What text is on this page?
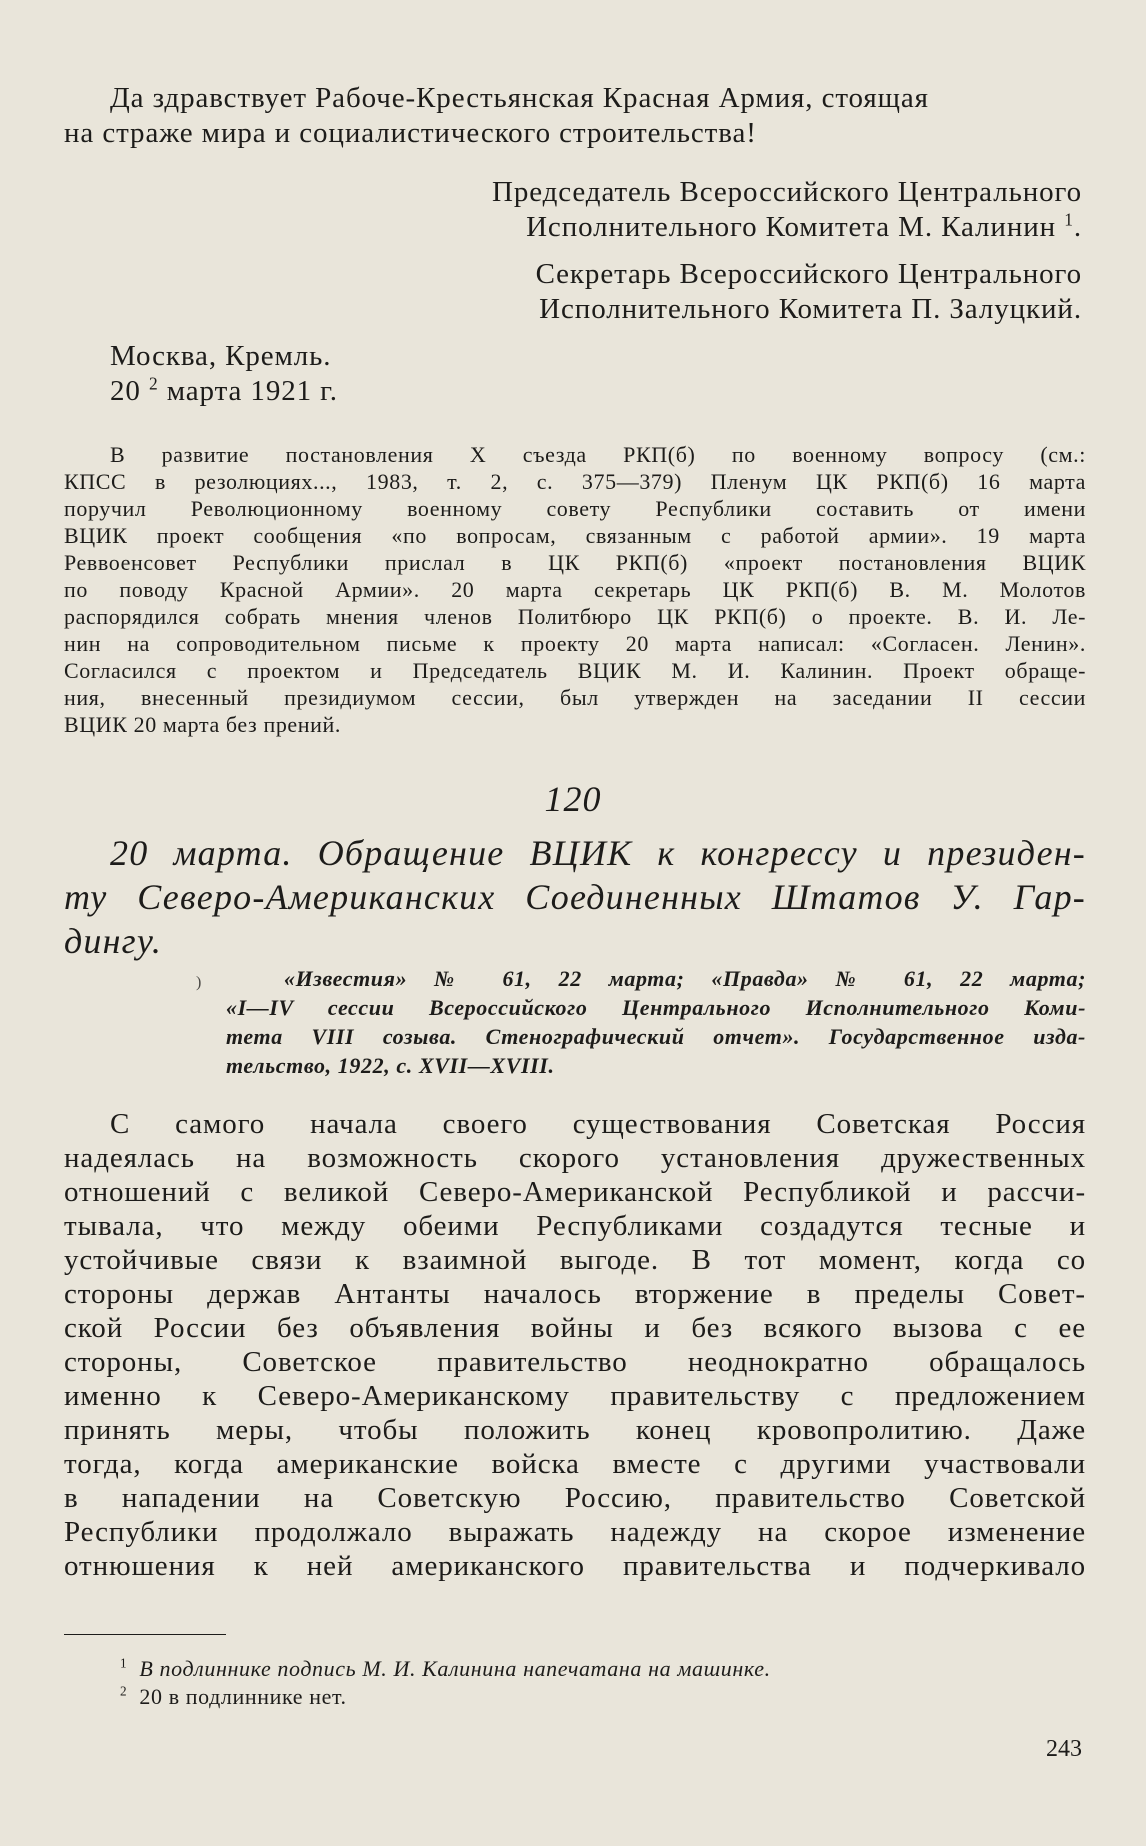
Да здравствует Рабоче-Крестьянская Красная Армия, стоящая

на страже мира и социалистического строительства!

Председатель Всероссийского Центрального

Исполнительного Комитета М. Калинин $^1$.

Секретарь Всероссийского Центрального

Исполнительного Комитета П. Залуцкий.

Москва, Кремль.

20 $^2$ марта 1921 г.

В развитие постановления X съезда РКП(б) по военному вопросу (см.:

КПСС в резолюциях..., 1983, т. 2, с. 375—379) Пленум ЦК РКП(б) 16 марта

поручил Революционному военному совету Республики составить от имени

ВЦИК проект сообщения «по вопросам, связанным с работой армии». 19 марта

Реввоенсовет Республики прислал в ЦК РКП(б) «проект постановления ВЦИК

по поводу Красной Армии». 20 марта секретарь ЦК РКП(б) В. М. Молотов

распорядился собрать мнения членов Политбюро ЦК РКП(б) о проекте. В. И. Ле-

нин на сопроводительном письме к проекту 20 марта написал: «Согласен. Ленин».

Согласился с проектом и Председатель ВЦИК М. И. Калинин. Проект обраще-

ния, внесенный президиумом сессии, был утвержден на заседании II сессии

ВЦИК 20 марта без прений.

120

20 марта. Обращение ВЦИК к конгрессу и президен-

ту Северо-Американских Соединенных Штатов У. Гар-

дингу.

)	«Известия» № 61, 22 марта; «Правда» № 61, 22 марта;

«I—IV сессии Всероссийского Центрального Исполнительного Коми-

тета VIII созыва. Стенографический отчет». Государственное изда-

тельство, 1922, с. XVII—XVIII.

С самого начала своего существования Советская Россия

надеялась на возможность скорого установления дружественных

отношений с великой Северо-Американской Республикой и рассчи-

тывала, что между обеими Республиками создадутся тесные и

устойчивые связи к взаимной выгоде. В тот момент, когда со

стороны держав Антанты началось вторжение в пределы Совет-

ской России без объявления войны и без всякого вызова с ее

стороны, Советское правительство неоднократно обращалось

именно к Северо-Американскому правительству с предложением

принять меры, чтобы положить конец кровопролитию. Даже

тогда, когда американские войска вместе с другими участвовали

в нападении на Советскую Россию, правительство Советской

Республики продолжало выражать надежду на скорое изменение

отнюшения к ней американского правительства и подчеркивало

$^1$ В подлиннике подпись М. И. Калинина напечатана на машинке.

$^2$ 20 в подлиннике нет.

243
